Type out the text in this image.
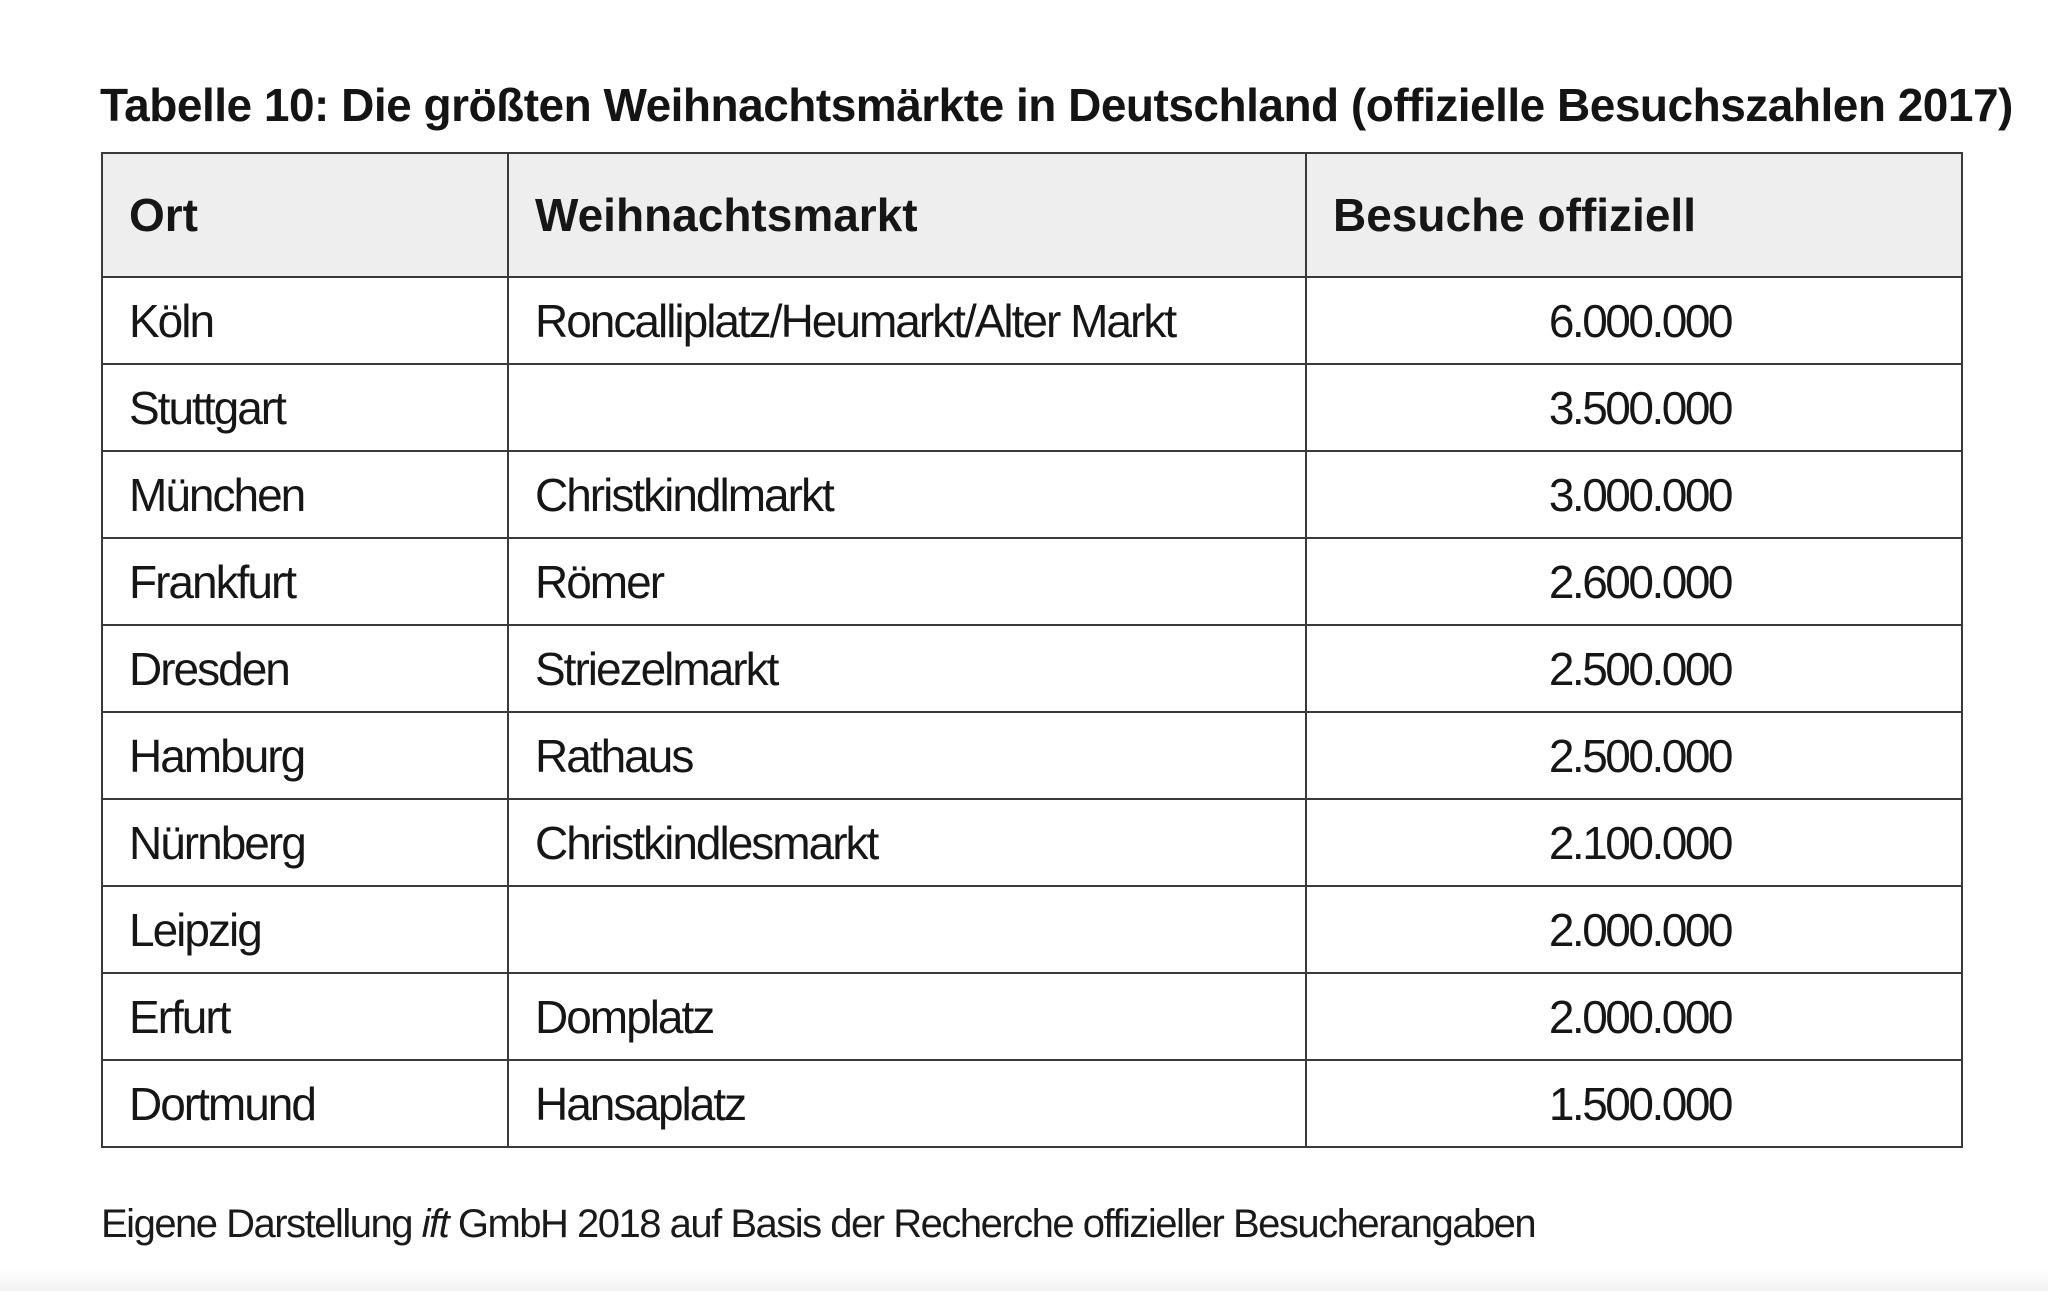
Tabelle 10: Die größten Weihnachtsmärkte in Deutschland (offizielle Besuchszahlen 2017)
Ort	Weihnachtsmarkt	Besuche offiziell
Köln	Roncalliplatz/Heumarkt/Alter Markt	6.000.000
Stuttgart		3.500.000
München	Christkindlmarkt	3.000.000
Frankfurt	Römer	2.600.000
Dresden	Striezelmarkt	2.500.000
Hamburg	Rathaus	2.500.000
Nürnberg	Christkindlesmarkt	2.100.000
Leipzig		2.000.000
Erfurt	Domplatz	2.000.000
Dortmund	Hansaplatz	1.500.000
Eigene Darstellung ift GmbH 2018 auf Basis der Recherche offizieller Besucherangaben
